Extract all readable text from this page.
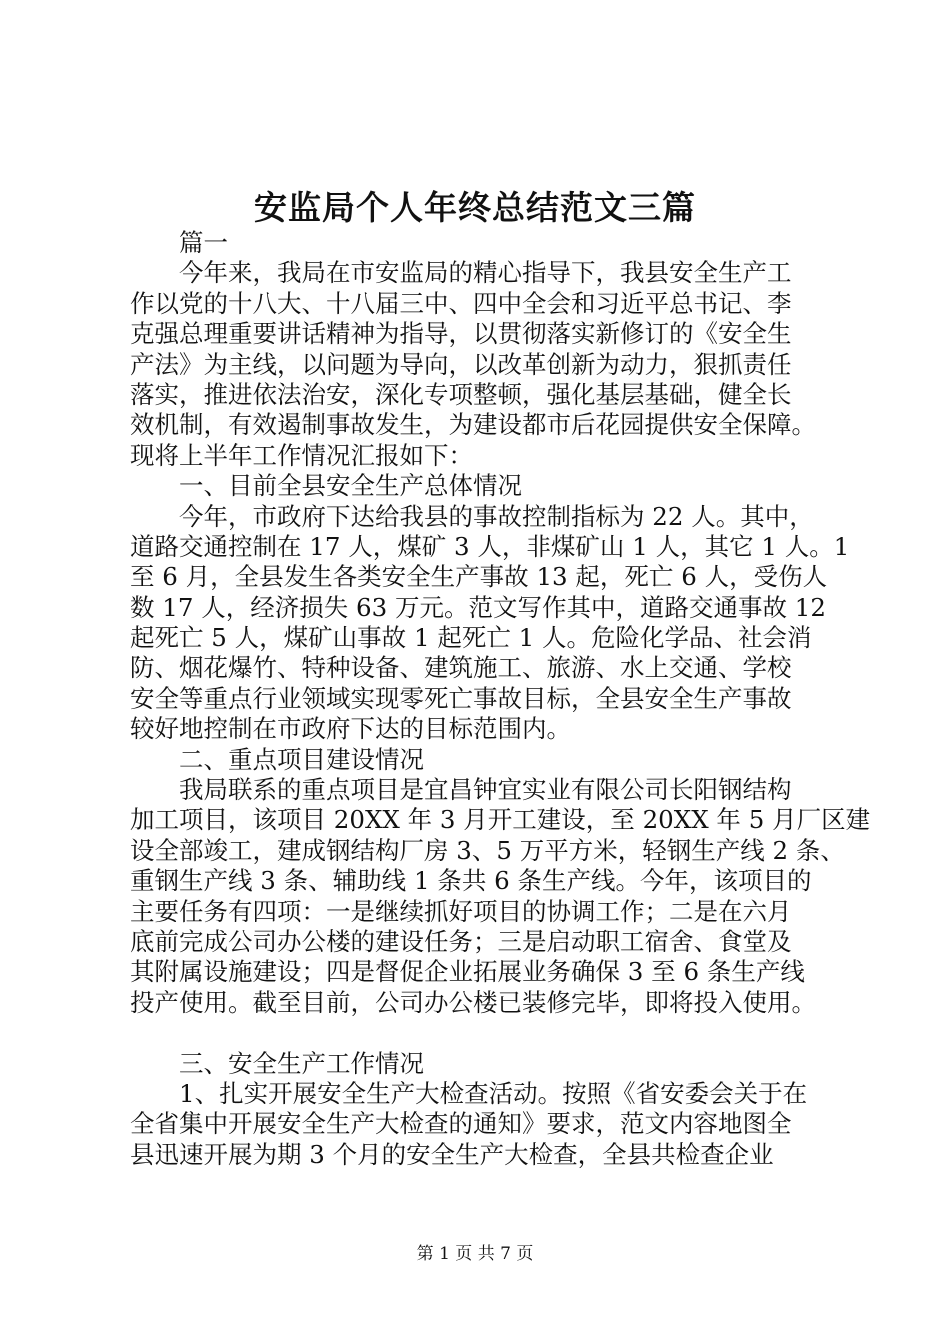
安监局个人年终总结范文三篇
篇一
今年来，我局在市安监局的精心指导下，我县安全生产工
作以党的十八大、十八届三中、四中全会和习近平总书记、李
克强总理重要讲话精神为指导，以贯彻落实新修订的《安全生
产法》为主线，以问题为导向，以改革创新为动力，狠抓责任
落实，推进依法治安，深化专项整顿，强化基层基础，健全长
效机制，有效遏制事故发生，为建设都市后花园提供安全保障。
现将上半年工作情况汇报如下：
一、目前全县安全生产总体情况
今年，市政府下达给我县的事故控制指标为 22 人。其中，
道路交通控制在 17 人，煤矿 3 人，非煤矿山 1 人，其它 1 人。1
至 6 月，全县发生各类安全生产事故 13 起，死亡 6 人，受伤人
数 17 人，经济损失 63 万元。范文写作其中，道路交通事故 12
起死亡 5 人，煤矿山事故 1 起死亡 1 人。危险化学品、社会消
防、烟花爆竹、特种设备、建筑施工、旅游、水上交通、学校
安全等重点行业领域实现零死亡事故目标，全县安全生产事故
较好地控制在市政府下达的目标范围内。
二、重点项目建设情况
我局联系的重点项目是宜昌钟宜实业有限公司长阳钢结构
加工项目，该项目 20XX 年 3 月开工建设，至 20XX 年 5 月厂区建
设全部竣工，建成钢结构厂房 3、5 万平方米，轻钢生产线 2 条、
重钢生产线 3 条、辅助线 1 条共 6 条生产线。今年，该项目的
主要任务有四项：一是继续抓好项目的协调工作；二是在六月
底前完成公司办公楼的建设任务；三是启动职工宿舍、食堂及
其附属设施建设；四是督促企业拓展业务确保 3 至 6 条生产线
投产使用。截至目前，公司办公楼已装修完毕，即将投入使用。
三、安全生产工作情况
1、扎实开展安全生产大检查活动。按照《省安委会关于在
全省集中开展安全生产大检查的通知》要求，范文内容地图全
县迅速开展为期 3 个月的安全生产大检查，全县共检查企业
第 1 页 共 7 页
